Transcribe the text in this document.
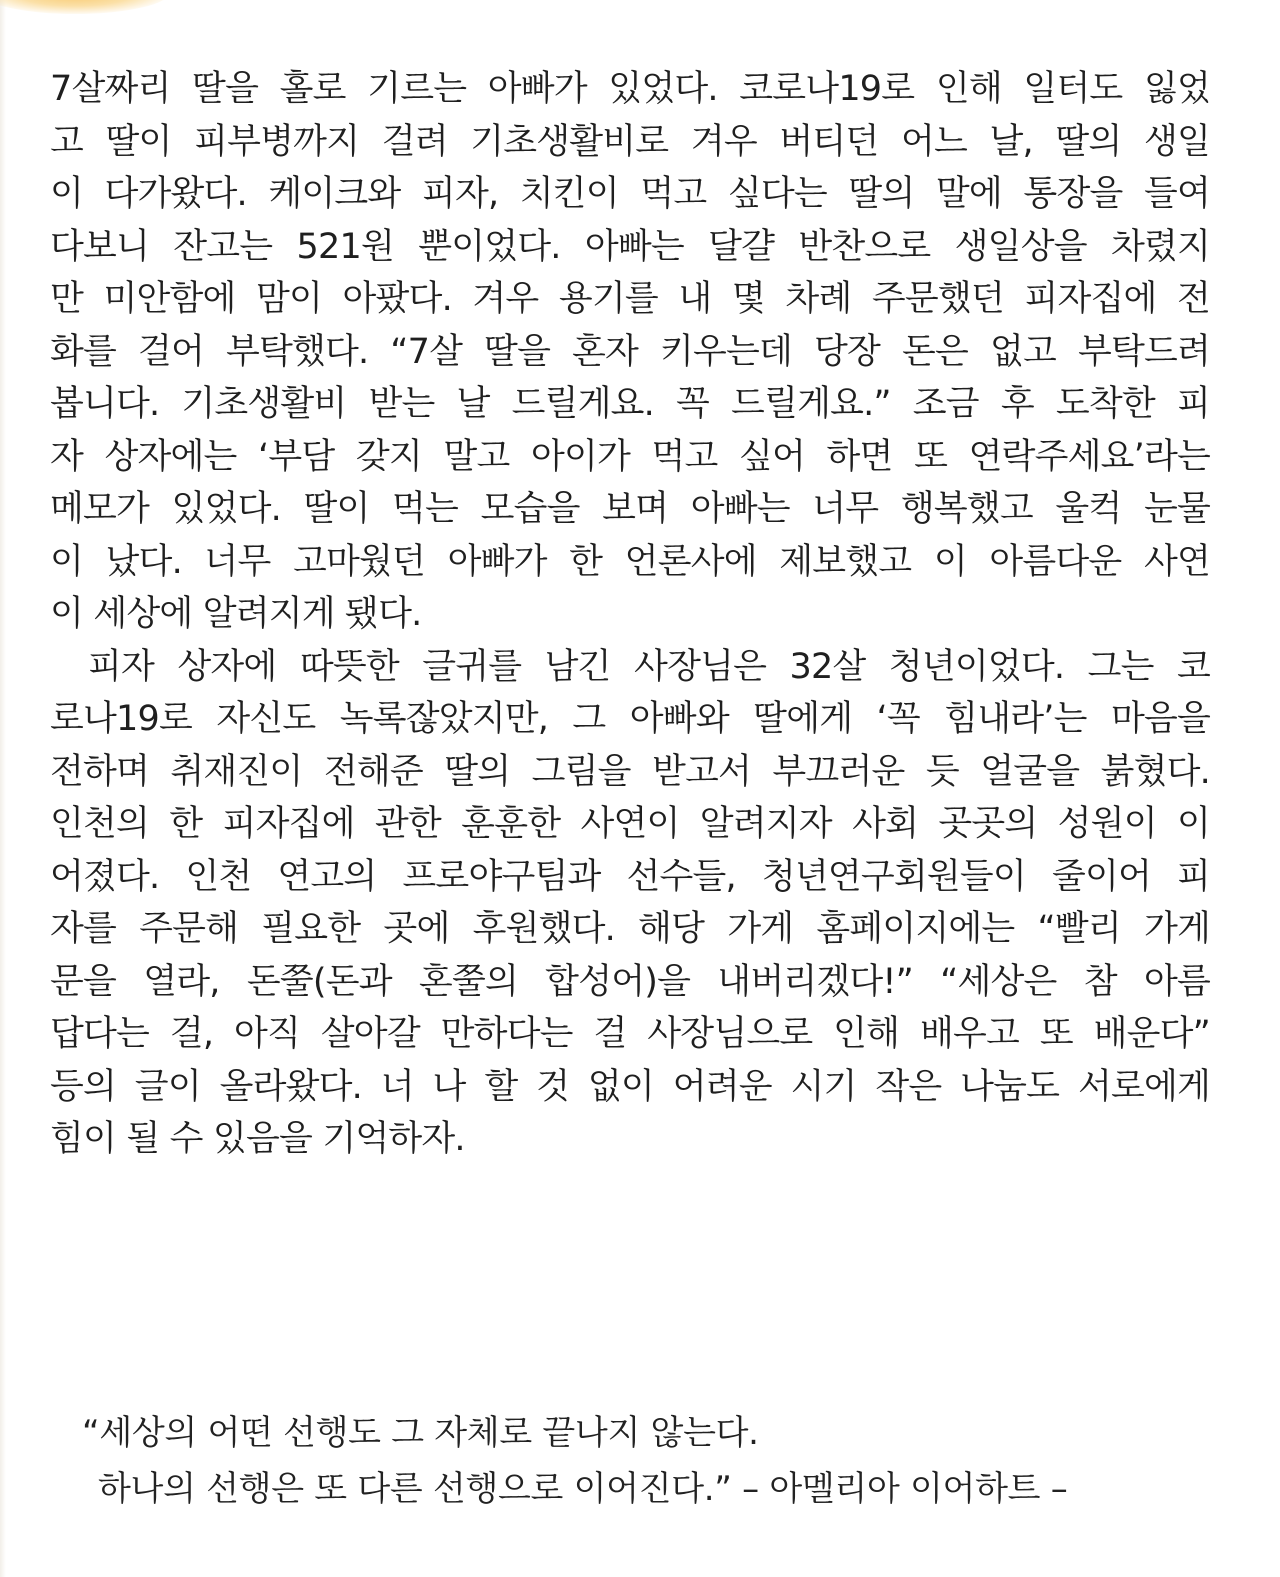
7살짜리 딸을 홀로 기르는 아빠가 있었다. 코로나19로 인해 일터도 잃었
고 딸이 피부병까지 걸려 기초생활비로 겨우 버티던 어느 날, 딸의 생일
이 다가왔다. 케이크와 피자, 치킨이 먹고 싶다는 딸의 말에 통장을 들여
다보니 잔고는 521원 뿐이었다. 아빠는 달걀 반찬으로 생일상을 차렸지
만 미안함에 맘이 아팠다. 겨우 용기를 내 몇 차례 주문했던 피자집에 전
화를 걸어 부탁했다. “7살 딸을 혼자 키우는데 당장 돈은 없고 부탁드려
봅니다. 기초생활비 받는 날 드릴게요. 꼭 드릴게요.” 조금 후 도착한 피
자 상자에는 ‘부담 갖지 말고 아이가 먹고 싶어 하면 또 연락주세요’라는
메모가 있었다. 딸이 먹는 모습을 보며 아빠는 너무 행복했고 울컥 눈물
이 났다. 너무 고마웠던 아빠가 한 언론사에 제보했고 이 아름다운 사연
이 세상에 알려지게 됐다.
피자 상자에 따뜻한 글귀를 남긴 사장님은 32살 청년이었다. 그는 코
로나19로 자신도 녹록잖았지만, 그 아빠와 딸에게 ‘꼭 힘내라’는 마음을
전하며 취재진이 전해준 딸의 그림을 받고서 부끄러운 듯 얼굴을 붉혔다.
인천의 한 피자집에 관한 훈훈한 사연이 알려지자 사회 곳곳의 성원이 이
어졌다. 인천 연고의 프로야구팀과 선수들, 청년연구회원들이 줄이어 피
자를 주문해 필요한 곳에 후원했다. 해당 가게 홈페이지에는 “빨리 가게
문을 열라, 돈쭐(돈과 혼쭐의 합성어)을 내버리겠다!” “세상은 참 아름
답다는 걸, 아직 살아갈 만하다는 걸 사장님으로 인해 배우고 또 배운다”
등의 글이 올라왔다. 너 나 할 것 없이 어려운 시기 작은 나눔도 서로에게
힘이 될 수 있음을 기억하자.
“세상의 어떤 선행도 그 자체로 끝나지 않는다.
하나의 선행은 또 다른 선행으로 이어진다.” – 아멜리아 이어하트 –
